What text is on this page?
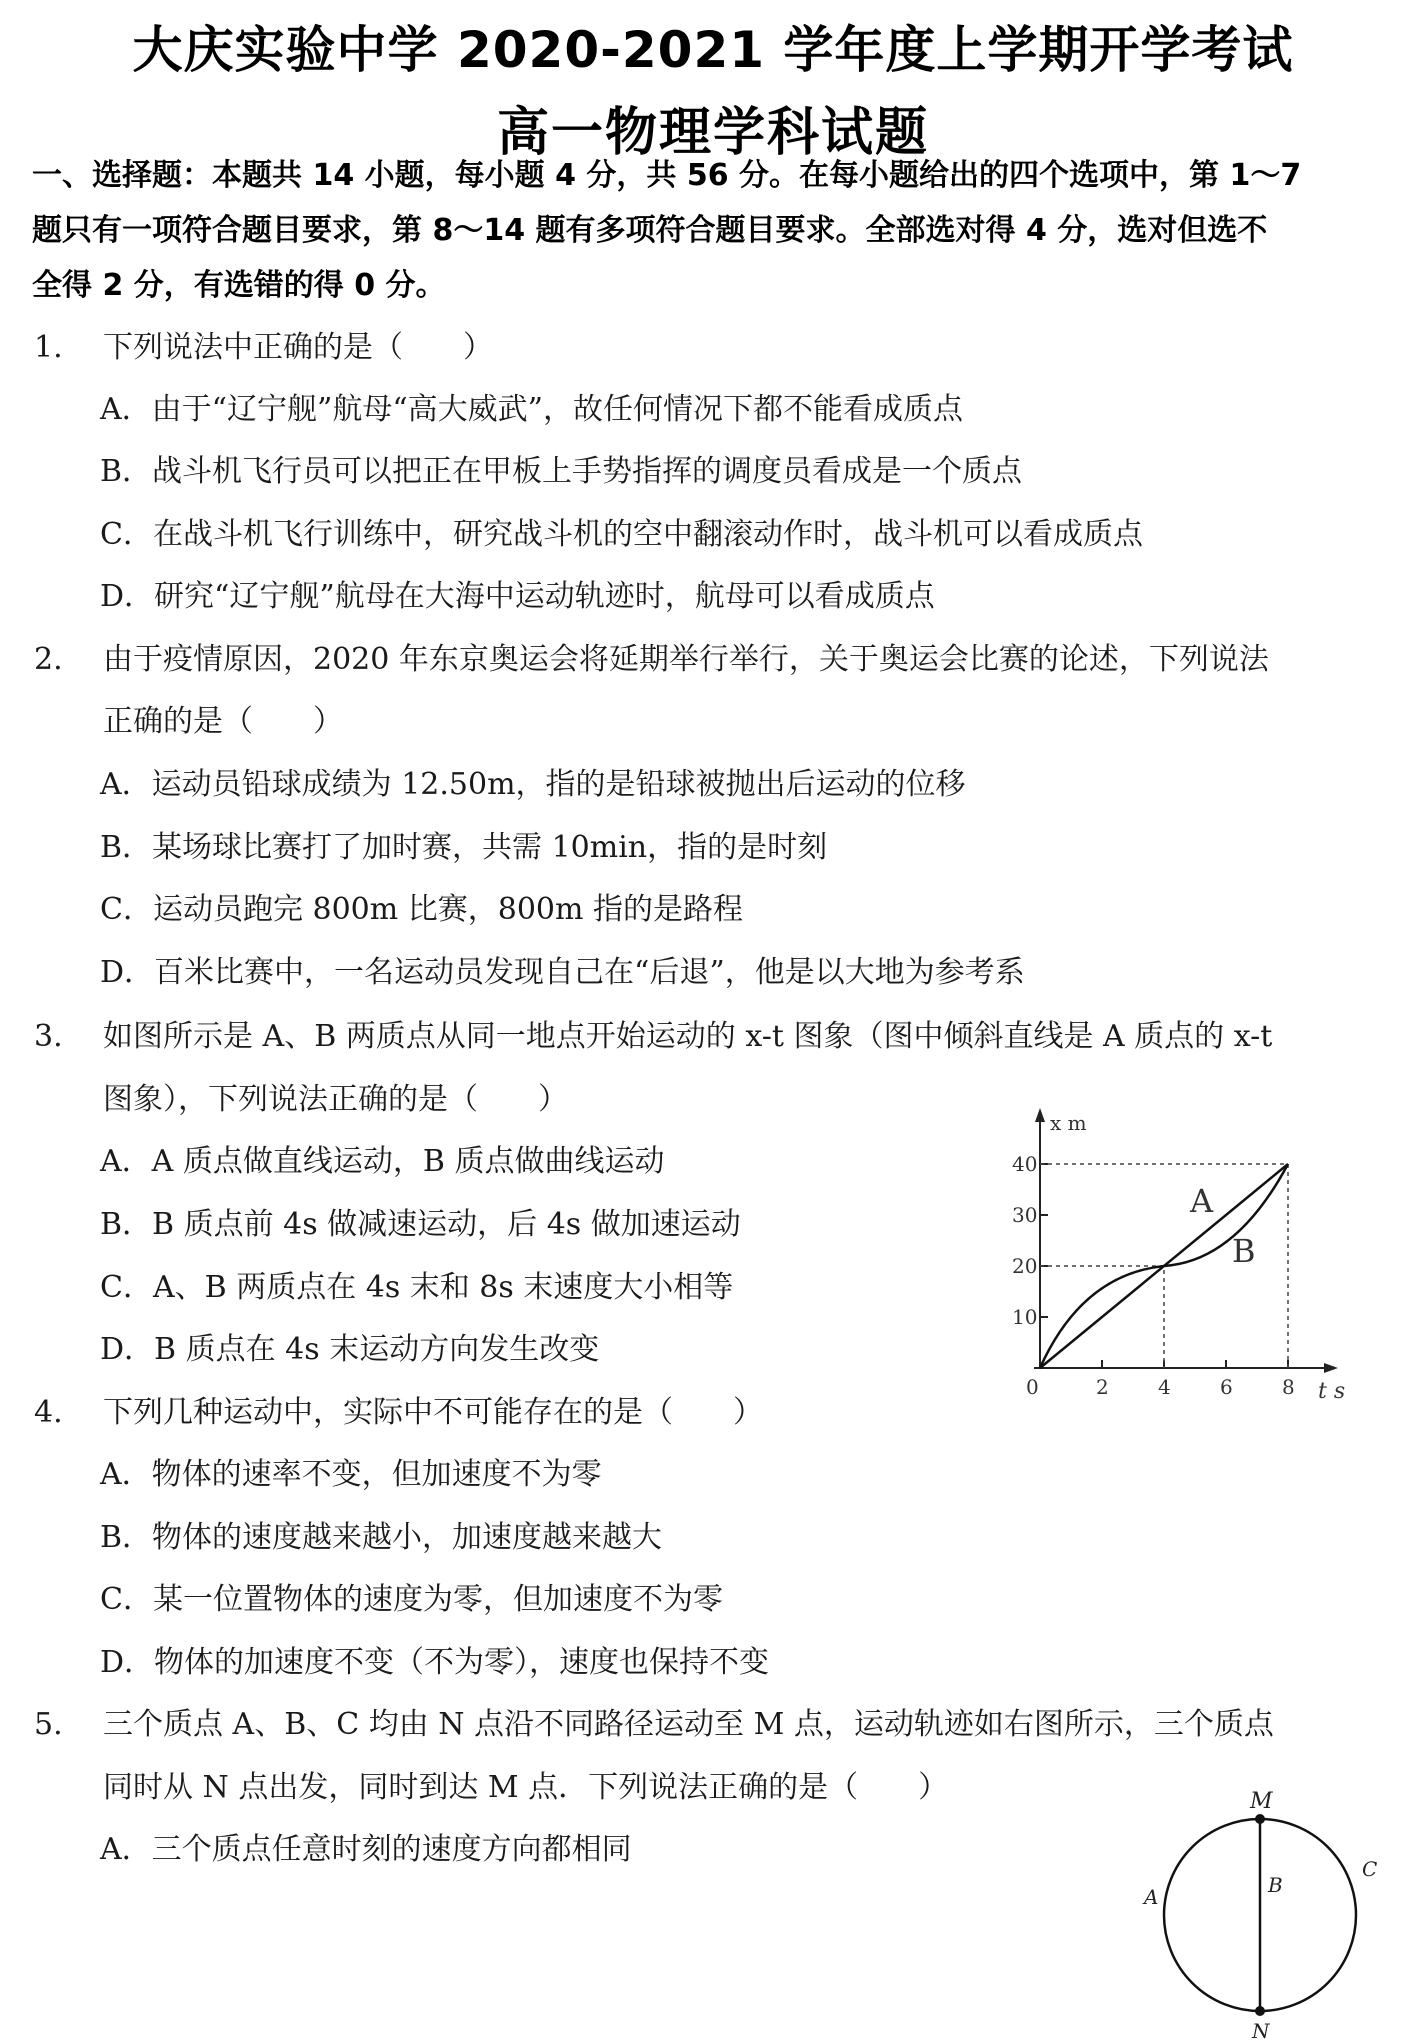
大庆实验中学 2020-2021 学年度上学期开学考试
高一物理学科试题
一、选择题：本题共 14 小题，每小题 4 分，共 56 分。在每小题给出的四个选项中，第 1～7
题只有一项符合题目要求，第 8～14 题有多项符合题目要求。全部选对得 4 分，选对但选不
全得 2 分，有选错的得 0 分。
1. 下列说法中正确的是（　　）
A．由于“辽宁舰”航母“高大威武”，故任何情况下都不能看成质点
B．战斗机飞行员可以把正在甲板上手势指挥的调度员看成是一个质点
C．在战斗机飞行训练中，研究战斗机的空中翻滚动作时，战斗机可以看成质点
D．研究“辽宁舰”航母在大海中运动轨迹时，航母可以看成质点
2. 由于疫情原因，2020 年东京奥运会将延期举行举行，关于奥运会比赛的论述，下列说法
正确的是（　　）
A．运动员铅球成绩为 12.50m，指的是铅球被抛出后运动的位移
B．某场球比赛打了加时赛，共需 10min，指的是时刻
C．运动员跑完 800m 比赛，800m 指的是路程
D．百米比赛中，一名运动员发现自己在“后退”，他是以大地为参考系
3. 如图所示是 A、B 两质点从同一地点开始运动的 x-t 图象（图中倾斜直线是 A 质点的 x-t
图象），下列说法正确的是（　　）
A．A 质点做直线运动，B 质点做曲线运动
B．B 质点前 4s 做减速运动，后 4s 做加速运动
C．A、B 两质点在 4s 末和 8s 末速度大小相等
D．B 质点在 4s 末运动方向发生改变
x m
t s
40
30
20
10
0	2 4 6 8
A
B
4. 下列几种运动中，实际中不可能存在的是（　　）
A．物体的速率不变，但加速度不为零
B．物体的速度越来越小，加速度越来越大
C．某一位置物体的速度为零，但加速度不为零
D．物体的加速度不变（不为零），速度也保持不变
5. 三个质点 A、B、C 均由 N 点沿不同路径运动至 M 点，运动轨迹如右图所示，三个质点
同时从 N 点出发，同时到达 M 点．下列说法正确的是（　　）
A．三个质点任意时刻的速度方向都相同
M
N
A	B
C
